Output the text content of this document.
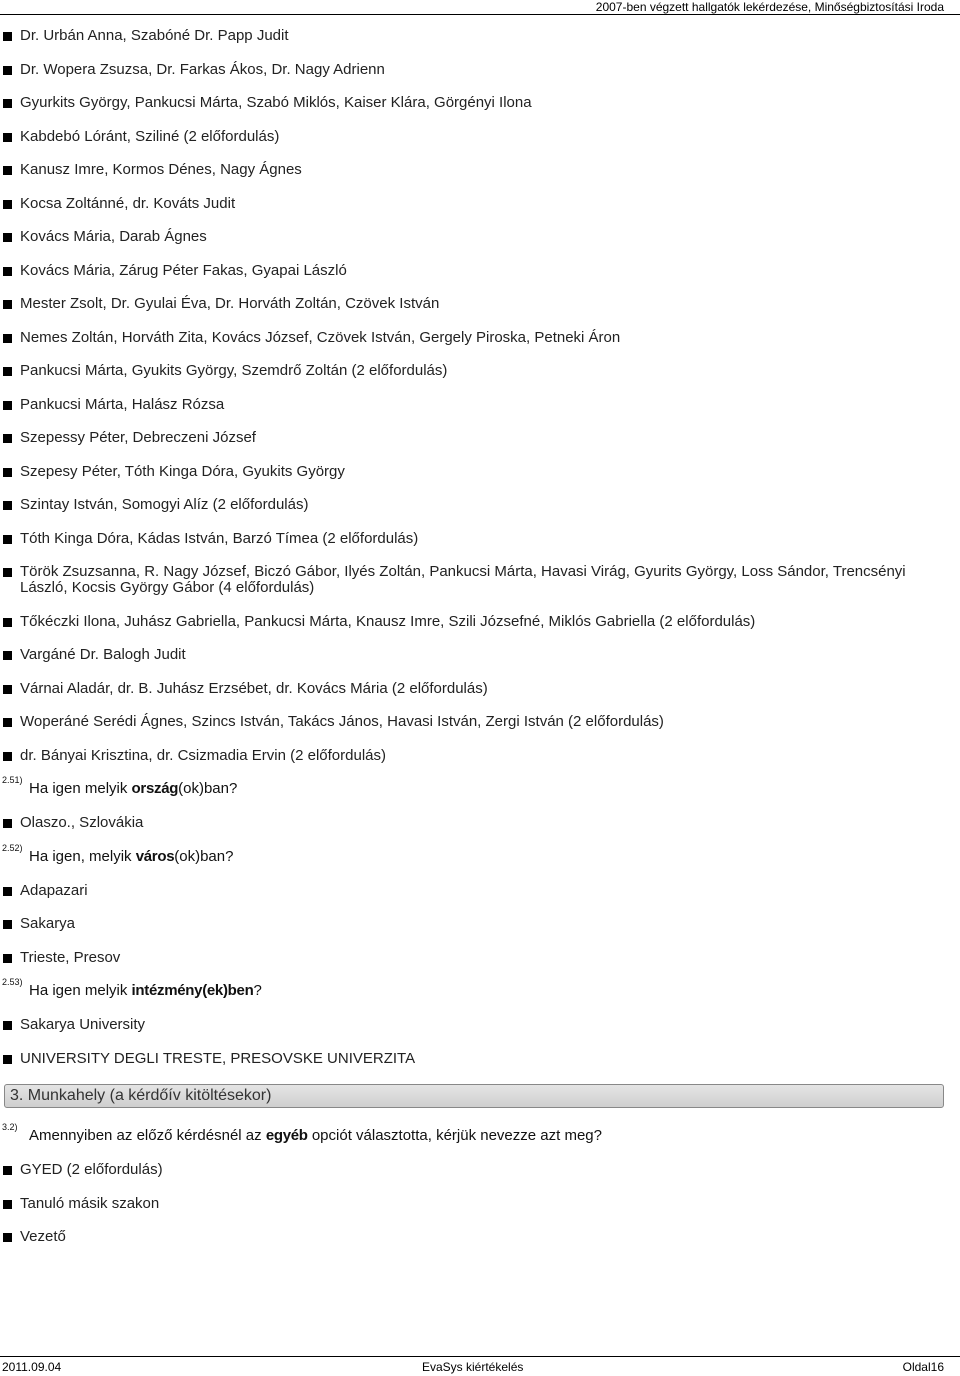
2007-ben végzett hallgatók lekérdezése, Minőségbiztosítási Iroda
Dr. Urbán Anna, Szabóné Dr. Papp Judit
Dr. Wopera Zsuzsa, Dr. Farkas Ákos, Dr. Nagy Adrienn
Gyurkits György, Pankucsi Márta, Szabó Miklós, Kaiser Klára, Görgényi Ilona
Kabdebó Lóránt, Sziliné (2 előfordulás)
Kanusz Imre, Kormos Dénes, Nagy Ágnes
Kocsa Zoltánné, dr. Kováts Judit
Kovács Mária, Darab Ágnes
Kovács Mária, Zárug Péter Fakas, Gyapai László
Mester Zsolt, Dr. Gyulai Éva, Dr. Horváth Zoltán, Czövek István
Nemes Zoltán, Horváth Zita, Kovács József, Czövek István, Gergely Piroska, Petneki Áron
Pankucsi Márta, Gyukits György, Szemdrő Zoltán (2 előfordulás)
Pankucsi Márta, Halász Rózsa
Szepessy Péter, Debreczeni József
Szepesy Péter, Tóth Kinga Dóra, Gyukits György
Szintay István, Somogyi Alíz (2 előfordulás)
Tóth Kinga Dóra, Kádas István, Barzó Tímea (2 előfordulás)
Török Zsuzsanna, R. Nagy József, Biczó Gábor, Ilyés Zoltán, Pankucsi Márta, Havasi Virág, Gyurits György, Loss Sándor, Trencsényi László, Kocsis György Gábor (4 előfordulás)
Tőkéczki Ilona, Juhász Gabriella, Pankucsi Márta, Knausz Imre, Szili Józsefné, Miklós Gabriella (2 előfordulás)
Vargáné Dr. Balogh Judit
Várnai Aladár, dr. B. Juhász Erzsébet, dr. Kovács Mária (2 előfordulás)
Woperáné Serédi Ágnes, Szincs István, Takács János, Havasi István, Zergi István (2 előfordulás)
dr. Bányai Krisztina, dr. Csizmadia Ervin (2 előfordulás)
2.51) Ha igen melyik ország(ok)ban?
Olaszo., Szlovákia
2.52) Ha igen, melyik város(ok)ban?
Adapazari
Sakarya
Trieste, Presov
2.53) Ha igen melyik intézmény(ek)ben?
Sakarya University
UNIVERSITY DEGLI TRESTE, PRESOVSKE UNIVERZITA
3. Munkahely (a kérdőív kitöltésekor)
3.2) Amennyiben az előző kérdésnél az egyéb opciót választotta, kérjük nevezze azt meg?
GYED (2 előfordulás)
Tanuló másik szakon
Vezető
2011.09.04	EvaSys kiértékelés	Oldal16
